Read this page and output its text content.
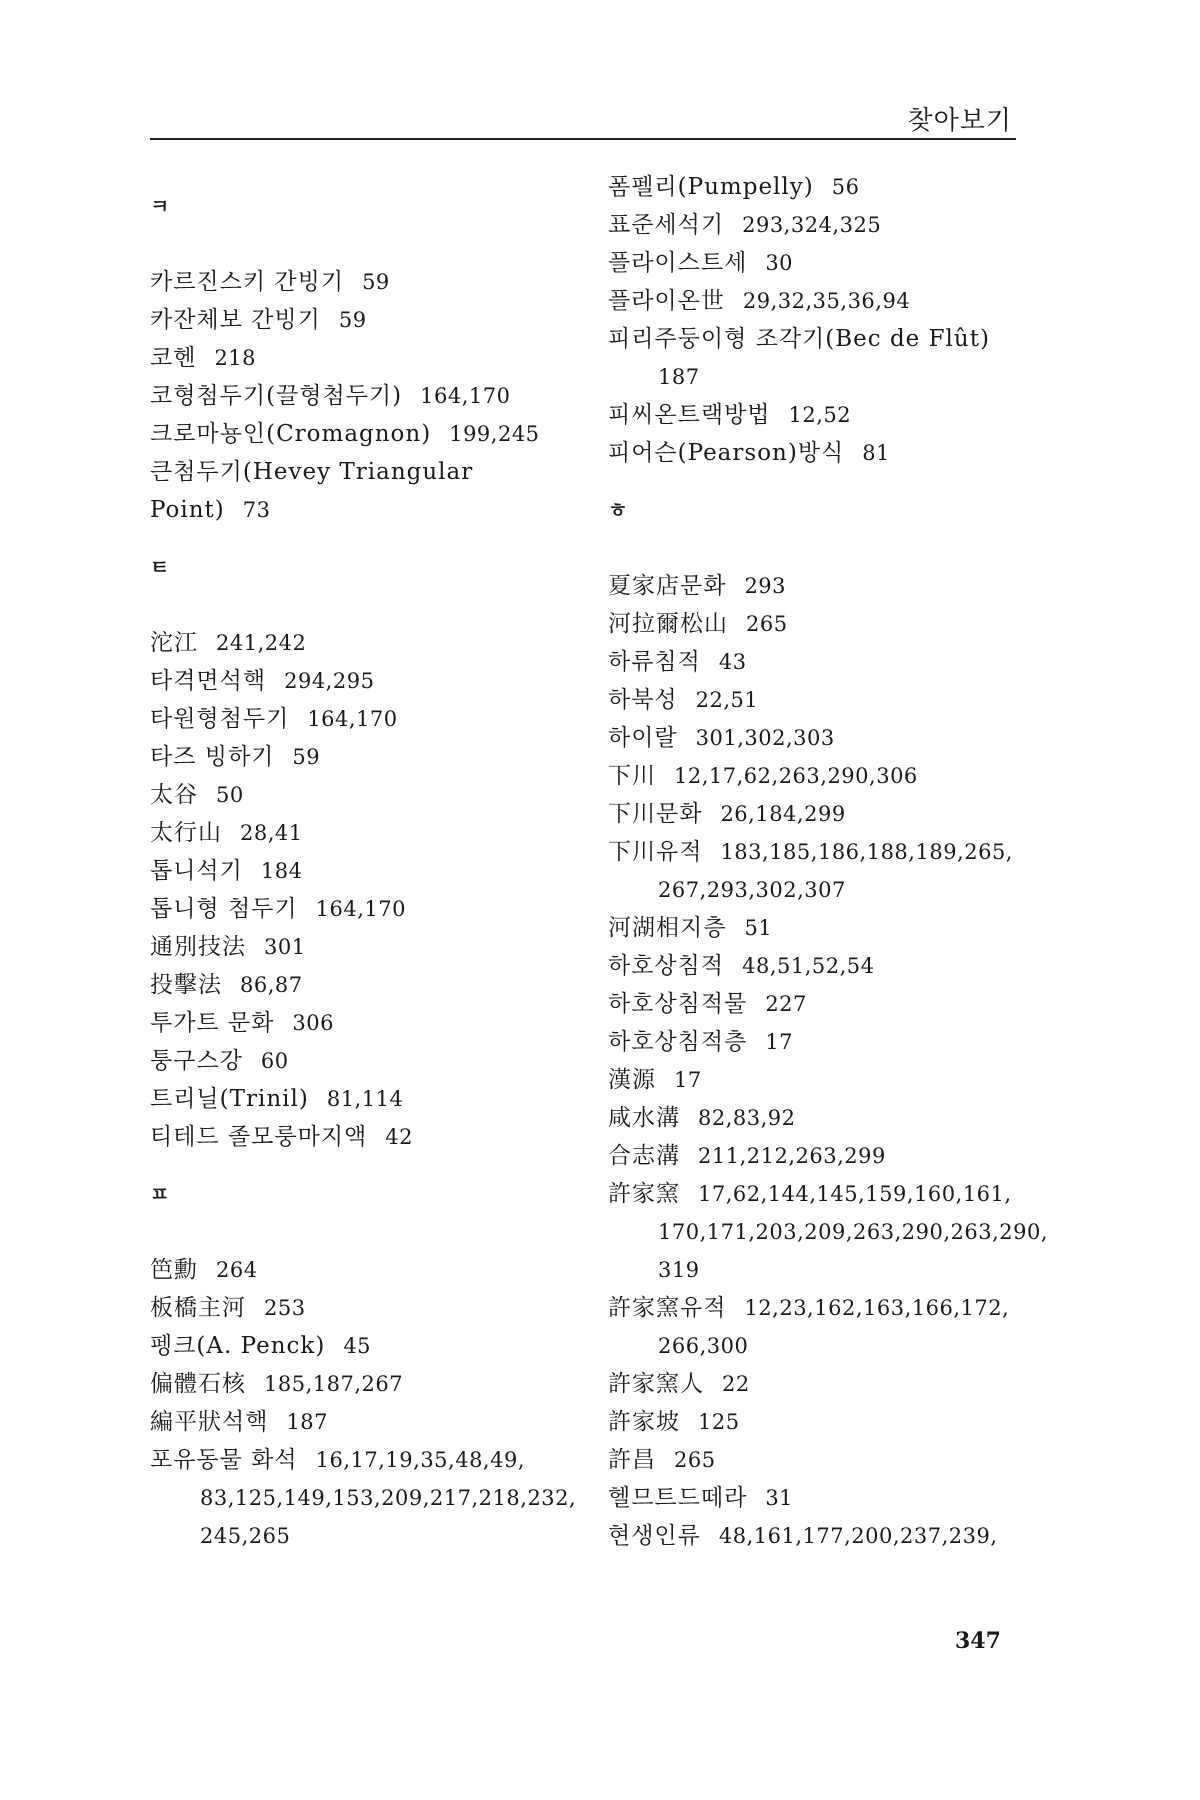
찾아보기
ㅋ
카르진스키 간빙기 59
카잔체보 간빙기 59
코헨 218
코형첨두기(끌형첨두기) 164,170
크로마뇽인(Cromagnon) 199,245
큰첨두기(Hevey Triangular Point) 73
ㅌ
沱江 241,242
타격면석핵 294,295
타원형첨두기 164,170
타즈 빙하기 59
太谷 50
太行山 28,41
톱니석기 184
톱니형 첨두기 164,170
通別技法 301
投擊法 86,87
투가트 문화 306
퉁구스강 60
트리닐(Trinil) 81,114
티테드 졸모룽마지액 42
ㅍ
笆勳 264
板橋主河 253
펭크(A. Penck) 45
偏體石核 185,187,267
編平狀석핵 187
포유동물 화석 16,17,19,35,48,49,
83,125,149,153,209,217,218,232,
245,265
폼펠리(Pumpelly) 56
표준세석기 293,324,325
플라이스트세 30
플라이온世 29,32,35,36,94
피리주둥이형 조각기(Bec de Flût)
187
피씨온트랙방법 12,52
피어슨(Pearson)방식 81
ㅎ
夏家店문화 293
河拉爾松山 265
하류침적 43
하북성 22,51
하이랄 301,302,303
下川 12,17,62,263,290,306
下川문화 26,184,299
下川유적 183,185,186,188,189,265,
267,293,302,307
河湖相지층 51
하호상침적 48,51,52,54
하호상침적물 227
하호상침적층 17
漢源 17
咸水溝 82,83,92
合志溝 211,212,263,299
許家窯 17,62,144,145,159,160,161,
170,171,203,209,263,290,263,290,
319
許家窯유적 12,23,162,163,166,172,
266,300
許家窯人 22
許家坡 125
許昌 265
헬므트드떼라 31
현생인류 48,161,177,200,237,239,
347
